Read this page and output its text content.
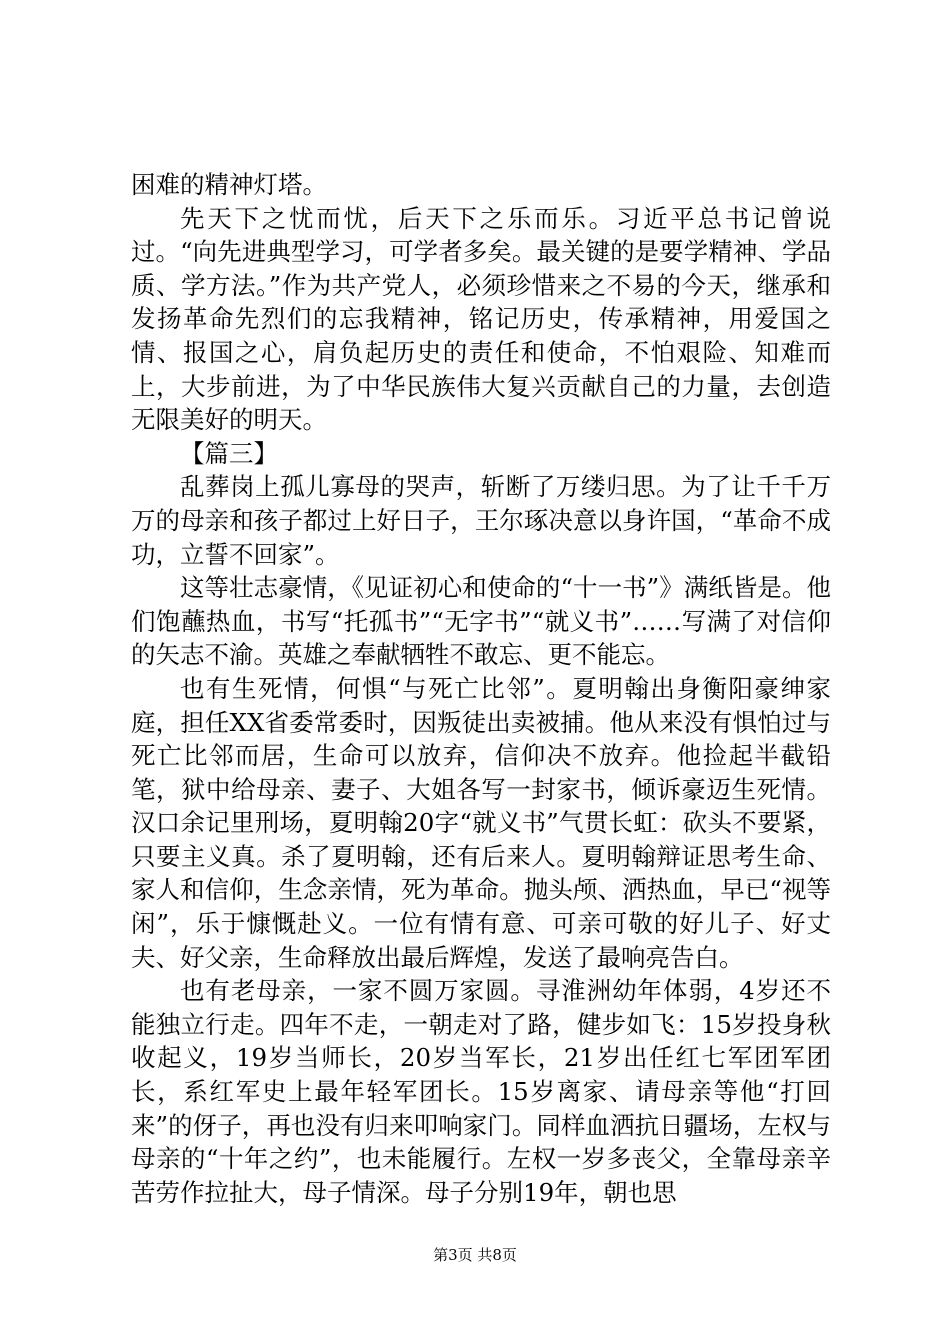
困难的精神灯塔。

先天下之忧而忧，后天下之乐而乐。习近平总书记曾说过。“向先进典型学习，可学者多矣。最关键的是要学精神、学品质、学方法。”作为共产党人，必须珍惜来之不易的今天，继承和发扬革命先烈们的忘我精神，铭记历史，传承精神，用爱国之情、报国之心，肩负起历史的责任和使命，不怕艰险、知难而上，大步前进，为了中华民族伟大复兴贡献自己的力量，去创造无限美好的明天。

【篇三】

乱葬岗上孤儿寡母的哭声，斩断了万缕归思。为了让千千万万的母亲和孩子都过上好日子，王尔琢决意以身许国，“革命不成功，立誓不回家”。

这等壮志豪情，《见证初心和使命的“十一书”》满纸皆是。他们饱蘸热血，书写“托孤书”“无字书”“就义书”……写满了对信仰的矢志不渝。英雄之奉献牺牲不敢忘、更不能忘。

也有生死情，何惧“与死亡比邻”。夏明翰出身衡阳豪绅家庭，担任XX省委常委时，因叛徒出卖被捕。他从来没有惧怕过与死亡比邻而居，生命可以放弃，信仰决不放弃。他捡起半截铅笔，狱中给母亲、妻子、大姐各写一封家书，倾诉豪迈生死情。汉口余记里刑场，夏明翰20字“就义书”气贯长虹：砍头不要紧，只要主义真。杀了夏明翰，还有后来人。夏明翰辩证思考生命、家人和信仰，生念亲情，死为革命。抛头颅、洒热血，早已“视等闲”，乐于慷慨赴义。一位有情有意、可亲可敬的好儿子、好丈夫、好父亲，生命释放出最后辉煌，发送了最响亮告白。

也有老母亲，一家不圆万家圆。寻淮洲幼年体弱，4岁还不能独立行走。四年不走，一朝走对了路，健步如飞：15岁投身秋收起义，19岁当师长，20岁当军长，21岁出任红七军团军团长，系红军史上最年轻军团长。15岁离家、请母亲等他“打回来”的伢子，再也没有归来叩响家门。同样血洒抗日疆场，左权与母亲的“十年之约”，也未能履行。左权一岁多丧父，全靠母亲辛苦劳作拉扯大，母子情深。母子分别19年，朝也思

第3页 共8页
